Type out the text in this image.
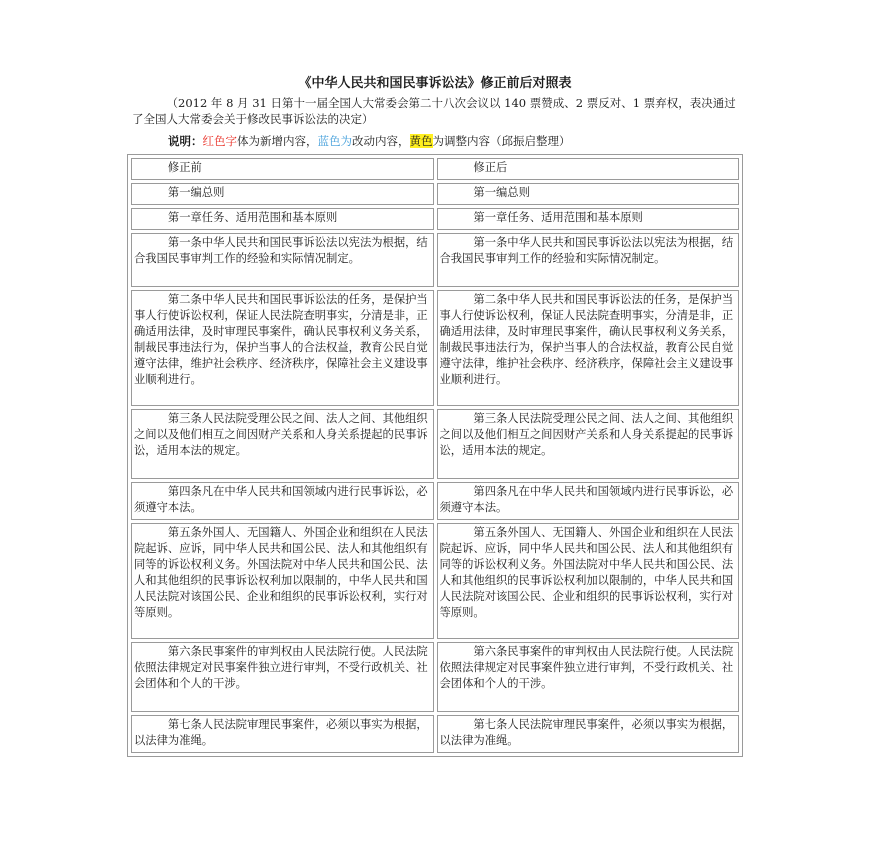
《中华人民共和国民事诉讼法》修正前后对照表
（2012 年 8 月 31 日第十一届全国人大常委会第二十八次会议以 140 票赞成、2 票反对、1 票弃权，表决通过了全国人大常委会关于修改民事诉讼法的决定）
说明：红色字体为新增内容，蓝色为改动内容，黄色为调整内容（邱振启整理）
修正前	修正后
第一编总则	第一编总则
第一章任务、适用范围和基本原则	第一章任务、适用范围和基本原则
第一条中华人民共和国民事诉讼法以宪法为根据，结合我国民事审判工作的经验和实际情况制定。	第一条中华人民共和国民事诉讼法以宪法为根据，结合我国民事审判工作的经验和实际情况制定。
第二条中华人民共和国民事诉讼法的任务，是保护当事人行使诉讼权利，保证人民法院查明事实，分清是非，正确适用法律，及时审理民事案件，确认民事权利义务关系，制裁民事违法行为，保护当事人的合法权益，教育公民自觉遵守法律，维护社会秩序、经济秩序，保障社会主义建设事业顺利进行。	第二条中华人民共和国民事诉讼法的任务，是保护当事人行使诉讼权利，保证人民法院查明事实，分清是非，正确适用法律，及时审理民事案件，确认民事权利义务关系，制裁民事违法行为，保护当事人的合法权益，教育公民自觉遵守法律，维护社会秩序、经济秩序，保障社会主义建设事业顺利进行。
第三条人民法院受理公民之间、法人之间、其他组织之间以及他们相互之间因财产关系和人身关系提起的民事诉讼，适用本法的规定。	第三条人民法院受理公民之间、法人之间、其他组织之间以及他们相互之间因财产关系和人身关系提起的民事诉讼，适用本法的规定。
第四条凡在中华人民共和国领域内进行民事诉讼，必须遵守本法。	第四条凡在中华人民共和国领域内进行民事诉讼，必须遵守本法。
第五条外国人、无国籍人、外国企业和组织在人民法院起诉、应诉，同中华人民共和国公民、法人和其他组织有同等的诉讼权利义务。外国法院对中华人民共和国公民、法人和其他组织的民事诉讼权利加以限制的，中华人民共和国人民法院对该国公民、企业和组织的民事诉讼权利，实行对等原则。	第五条外国人、无国籍人、外国企业和组织在人民法院起诉、应诉，同中华人民共和国公民、法人和其他组织有同等的诉讼权利义务。外国法院对中华人民共和国公民、法人和其他组织的民事诉讼权利加以限制的，中华人民共和国人民法院对该国公民、企业和组织的民事诉讼权利，实行对等原则。
第六条民事案件的审判权由人民法院行使。人民法院依照法律规定对民事案件独立进行审判，不受行政机关、社会团体和个人的干涉。	第六条民事案件的审判权由人民法院行使。人民法院依照法律规定对民事案件独立进行审判，不受行政机关、社会团体和个人的干涉。
第七条人民法院审理民事案件，必须以事实为根据，以法律为准绳。	第七条人民法院审理民事案件，必须以事实为根据，以法律为准绳。
